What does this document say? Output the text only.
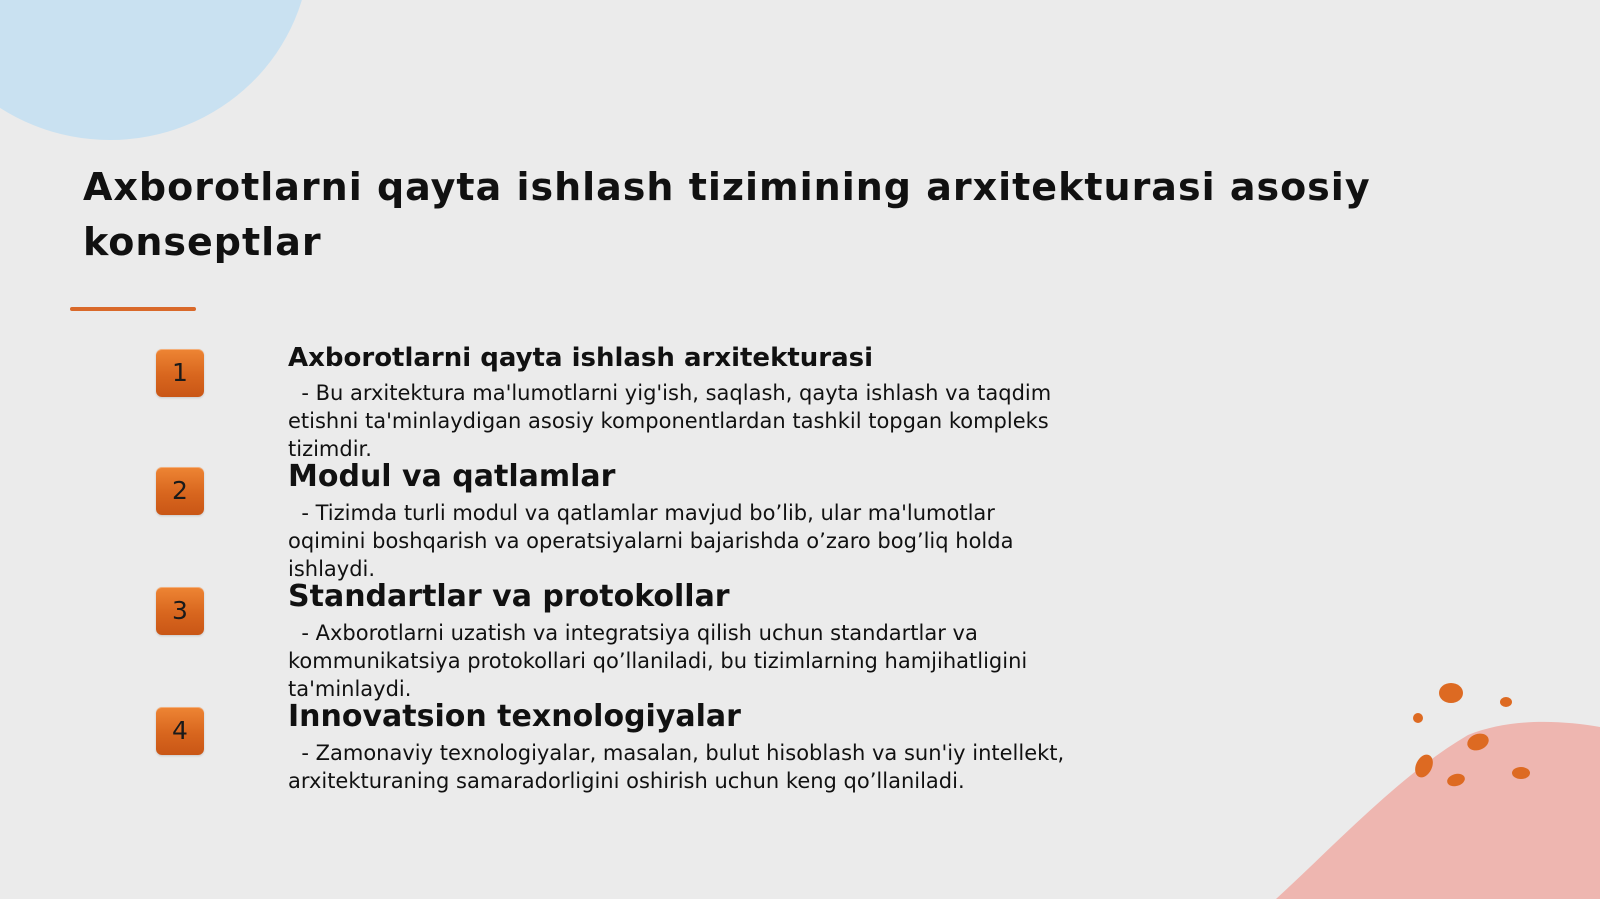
Axborotlarni qayta ishlash tizimining arxitekturasi asosiy konseptlar
1	Axborotlarni qayta ishlash arxitekturasi

- Bu arxitektura ma'lumotlarni yig'ish, saqlash, qayta ishlash va taqdim
etishni ta'minlaydigan asosiy komponentlardan tashkil topgan kompleks
tizimdir.

2	Modul va qatlamlar

- Tizimda turli modul va qatlamlar mavjud bo’lib, ular ma'lumotlar
oqimini boshqarish va operatsiyalarni bajarishda o’zaro bog’liq holda
ishlaydi.

3	Standartlar va protokollar

- Axborotlarni uzatish va integratsiya qilish uchun standartlar va
kommunikatsiya protokollari qo’llaniladi, bu tizimlarning hamjihatligini
ta'minlaydi.

4	Innovatsion texnologiyalar

- Zamonaviy texnologiyalar, masalan, bulut hisoblash va sun'iy intellekt,
arxitekturaning samaradorligini oshirish uchun keng qo’llaniladi.
